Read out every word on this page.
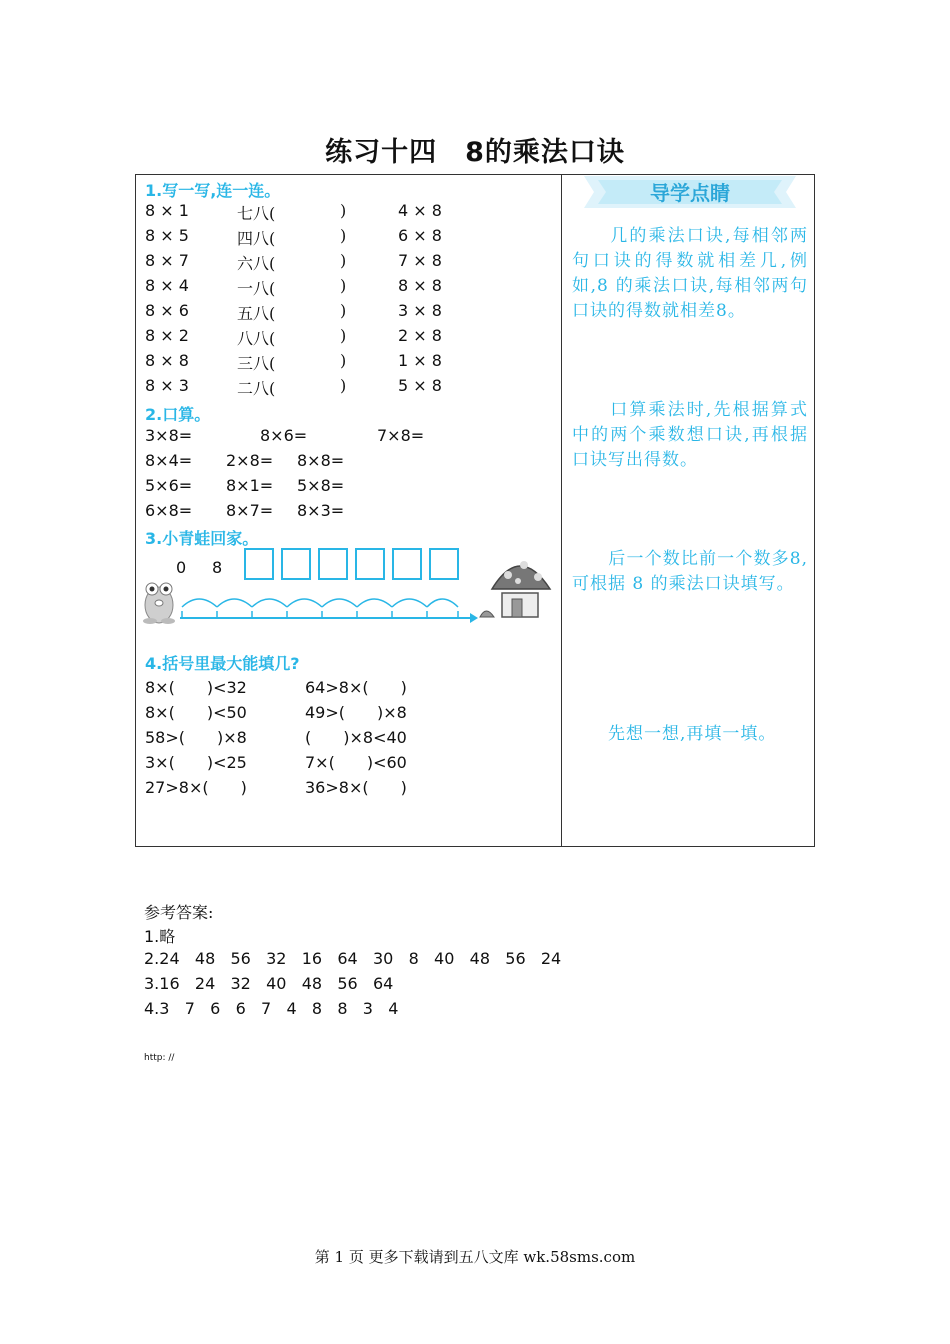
练习十四　8的乘法口诀
1.写一写,连一连。
8 × 1	七八(	)	4 × 8
8 × 5	四八(	)	6 × 8
8 × 7	六八(	)	7 × 8
8 × 4	一八(	)	8 × 8
8 × 6	五八(	)	3 × 8
8 × 2	八八(	)	2 × 8
8 × 8	三八(	)	1 × 8
8 × 3	二八(	)	5 × 8
2.口算。
3×8=	8×6=	7×8=
8×4= 2×8= 8×8=
5×6= 8×1= 5×8=
6×8= 8×7= 8×3=
3.小青蛙回家。
0 8
4.括号里最大能填几?
8×(　　)<32	64>8×(　　)
8×(　　)<50	49>(　　)×8
58>(　　)×8	(　　)×8<40
3×(　　)<25	7×(　　)<60
27>8×(　　)	36>8×(　　)
导学点睛
　　几的乘法口诀,每相邻两句口诀的得数就相差几,例如,8 的乘法口诀,每相邻两句口诀的得数就相差8。
　　口算乘法时,先根据算式中的两个乘数想口诀,再根据口诀写出得数。
　　后一个数比前一个数多8,可根据 8 的乘法口诀填写。
　　先想一想,再填一填。
参考答案:
1.略
2.24   48   56   32   16   64   30   8   40   48   56   24
3.16   24   32   40   48   56   64
4.3   7   6   6   7   4   8   8   3   4
http: //
第 1 页 更多下载请到五八文库 wk.58sms.com
